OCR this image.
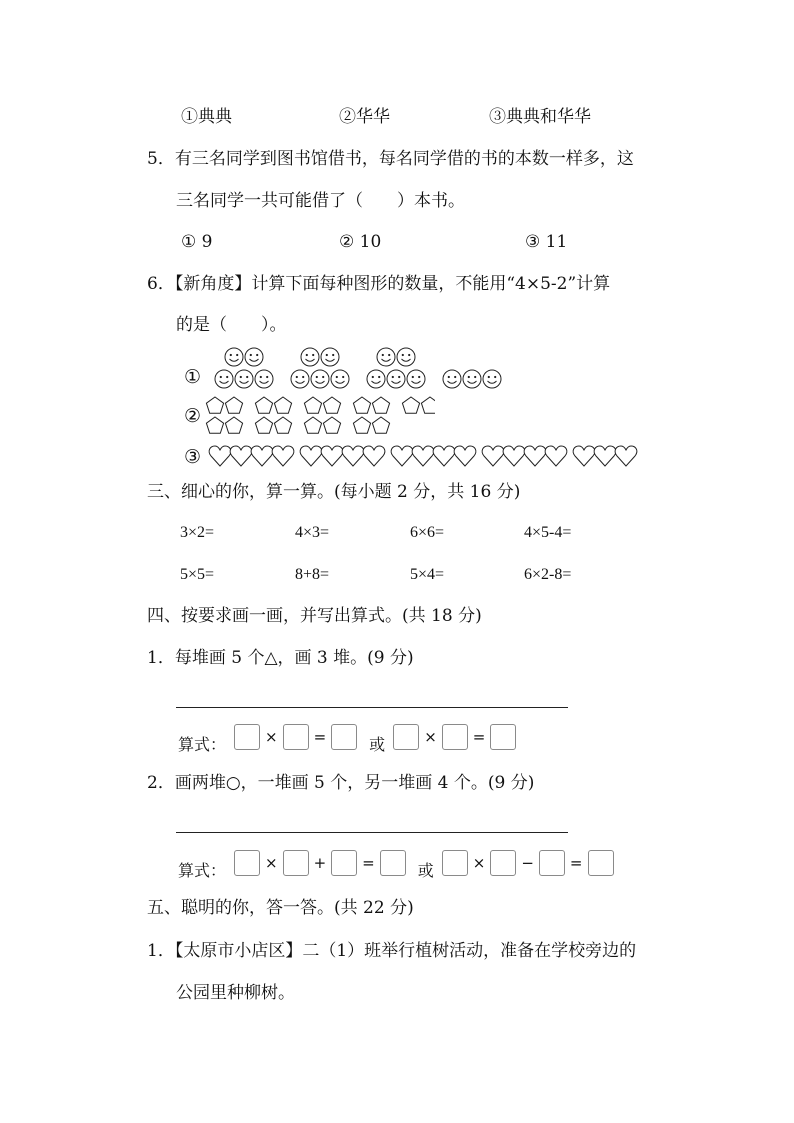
①典典	②华华	③典典和华华
5．有三名同学到图书馆借书，每名同学借的书的本数一样多，这
三名同学一共可能借了（　　）本书。
① 9	② 10	③ 11
6．【新角度】计算下面每种图形的数量，不能用“4×5-2”计算
的是（　　）。
①
②
③
三、细心的你，算一算。(每小题 2 分，共 16 分)
3×2=	4×3=	6×6=	4×5-4=
5×5=	8+8=	5×4=	6×2-8=
四、按要求画一画，并写出算式。(共 18 分)
1．每堆画 5 个△，画 3 堆。(9 分)
算式：	× =	或	× =
2．画两堆○，一堆画 5 个，另一堆画 4 个。(9 分)
算式：	× + =	或	× − =
五、聪明的你，答一答。(共 22 分)
1．【太原市小店区】二（1）班举行植树活动，准备在学校旁边的
公园里种柳树。
